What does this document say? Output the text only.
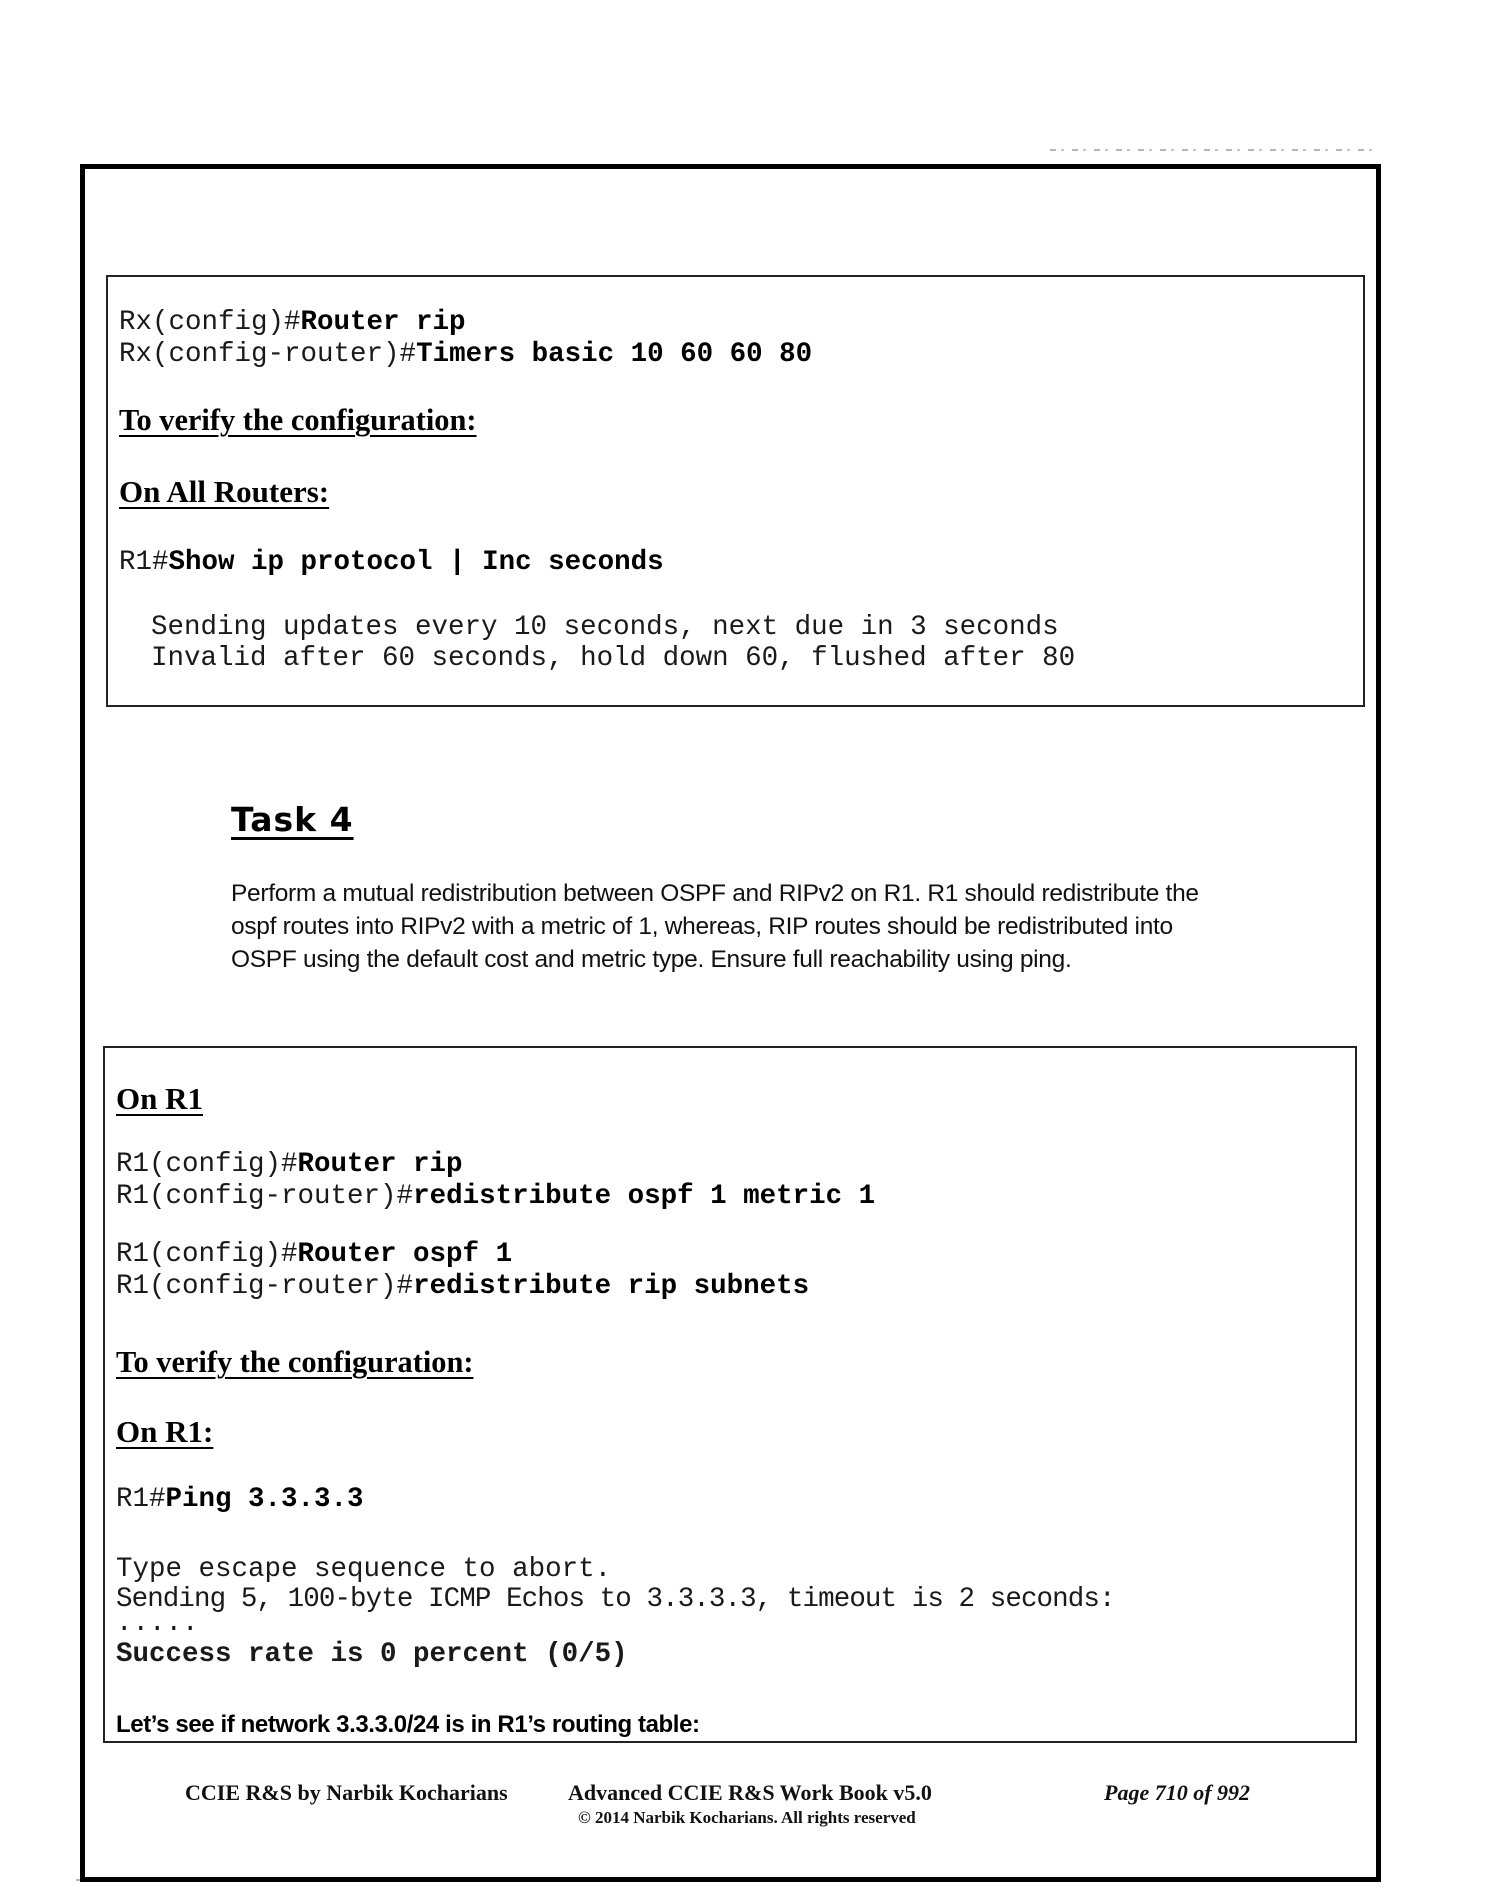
Rx(config)#Router rip
Rx(config-router)#Timers basic 10 60 60 80
To verify the configuration:
On All Routers:
R1#Show ip protocol | Inc seconds
Sending updates every 10 seconds, next due in 3 seconds
Invalid after 60 seconds, hold down 60, flushed after 80
Task 4
Perform a mutual redistribution between OSPF and RIPv2 on R1. R1 should redistribute the ospf routes into RIPv2 with a metric of 1, whereas, RIP routes should be redistributed into OSPF using the default cost and metric type. Ensure full reachability using ping.
On R1
R1(config)#Router rip
R1(config-router)#redistribute ospf 1 metric 1
R1(config)#Router ospf 1
R1(config-router)#redistribute rip subnets
To verify the configuration:
On R1:
R1#Ping 3.3.3.3
Type escape sequence to abort.
Sending 5, 100-byte ICMP Echos to 3.3.3.3, timeout is 2 seconds:
.....
Success rate is 0 percent (0/5)
Let’s see if network 3.3.3.0/24 is in R1’s routing table:
CCIE R&S by Narbik Kocharians	Advanced CCIE R&S Work Book v5.0
© 2014 Narbik Kocharians. All rights reserved
Page 710 of 992
